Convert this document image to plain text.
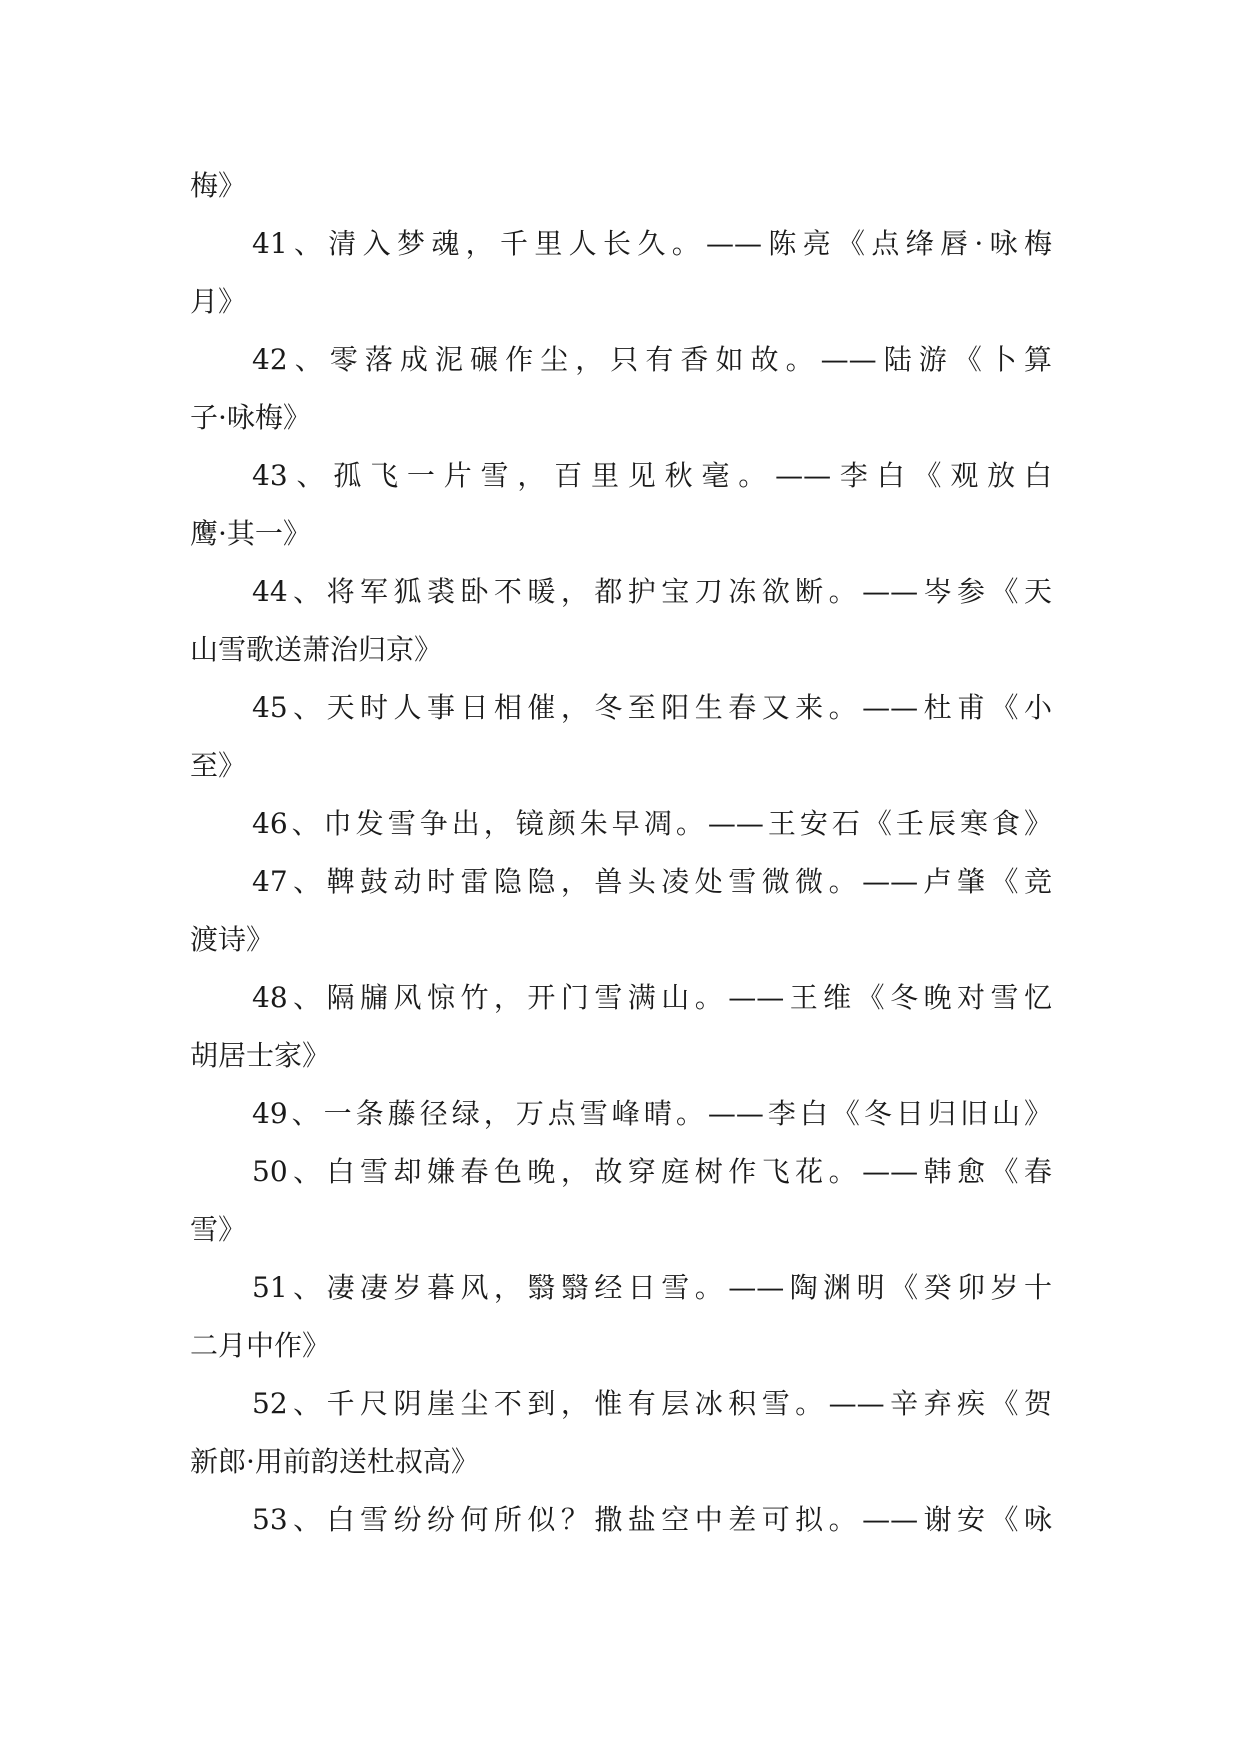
梅》
41、清入梦魂，千里人长久。——陈亮《点绛唇·咏梅
月》
42、零落成泥碾作尘，只有香如故。——陆游《卜算
子·咏梅》
43、孤飞一片雪，百里见秋毫。——李白《观放白
鹰·其一》
44、将军狐裘卧不暖，都护宝刀冻欲断。——岑参《天
山雪歌送萧治归京》
45、天时人事日相催，冬至阳生春又来。——杜甫《小
至》
46、巾发雪争出，镜颜朱早凋。——王安石《壬辰寒食》
47、鞞鼓动时雷隐隐，兽头凌处雪微微。——卢肇《竞
渡诗》
48、隔牖风惊竹，开门雪满山。——王维《冬晚对雪忆
胡居士家》
49、一条藤径绿，万点雪峰晴。——李白《冬日归旧山》
50、白雪却嫌春色晚，故穿庭树作飞花。——韩愈《春
雪》
51、凄凄岁暮风，翳翳经日雪。——陶渊明《癸卯岁十
二月中作》
52、千尺阴崖尘不到，惟有层冰积雪。——辛弃疾《贺
新郎·用前韵送杜叔高》
53、白雪纷纷何所似？撒盐空中差可拟。——谢安《咏
